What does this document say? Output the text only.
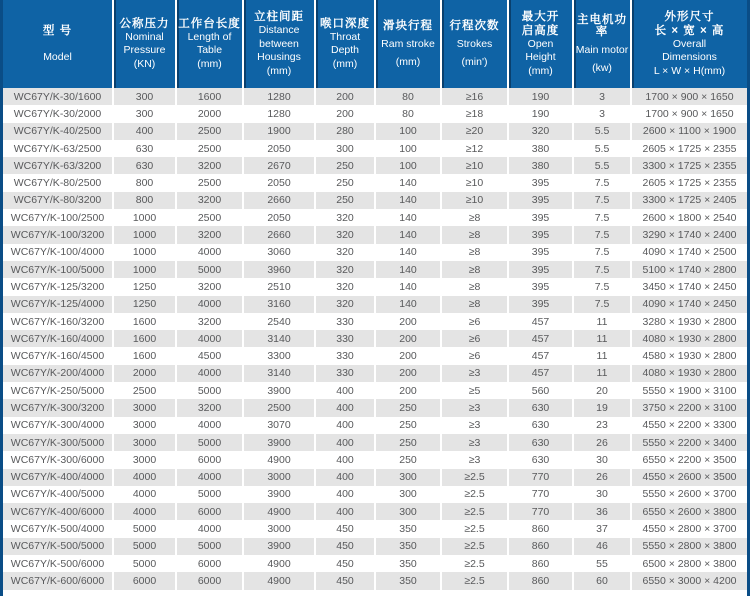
型 号
Model

公称压力
Nominal
Pressure
(KN)

工作台长度
Length of
Table
(mm)

立柱间距
Distance
between
Housings
(mm)

喉口深度
Throat
Depth
(mm)

滑块行程
Ram stroke
(mm)

行程次数
Strokes
(min')

最大开
启高度
Open
Height
(mm)

主电机功率
Main motor
(kw)

外形尺寸
长 × 宽 × 高
Overall
Dimensions
L × W × H(mm)

WC67Y/K-30/1600	300	1600	1280	200	80	≥16	190	3	1700 × 900 × 1650
WC67Y/K-30/2000	300	2000	1280	200	80	≥18	190	3	1700 × 900 × 1650
WC67Y/K-40/2500	400	2500	1900	280	100	≥20	320	5.5	2600 × 1100 × 1900
WC67Y/K-63/2500	630	2500	2050	300	100	≥12	380	5.5	2605 × 1725 × 2355
WC67Y/K-63/3200	630	3200	2670	250	100	≥10	380	5.5	3300 × 1725 × 2355
WC67Y/K-80/2500	800	2500	2050	250	140	≥10	395	7.5	2605 × 1725 × 2355
WC67Y/K-80/3200	800	3200	2660	250	140	≥10	395	7.5	3300 × 1725 × 2405
WC67Y/K-100/2500	1000	2500	2050	320	140	≥8	395	7.5	2600 × 1800 × 2540
WC67Y/K-100/3200	1000	3200	2660	320	140	≥8	395	7.5	3290 × 1740 × 2400
WC67Y/K-100/4000	1000	4000	3060	320	140	≥8	395	7.5	4090 × 1740 × 2500
WC67Y/K-100/5000	1000	5000	3960	320	140	≥8	395	7.5	5100 × 1740 × 2800
WC67Y/K-125/3200	1250	3200	2510	320	140	≥8	395	7.5	3450 × 1740 × 2450
WC67Y/K-125/4000	1250	4000	3160	320	140	≥8	395	7.5	4090 × 1740 × 2450
WC67Y/K-160/3200	1600	3200	2540	330	200	≥6	457	11	3280 × 1930 × 2800
WC67Y/K-160/4000	1600	4000	3140	330	200	≥6	457	11	4080 × 1930 × 2800
WC67Y/K-160/4500	1600	4500	3300	330	200	≥6	457	11	4580 × 1930 × 2800
WC67Y/K-200/4000	2000	4000	3140	330	200	≥3	457	11	4080 × 1930 × 2800
WC67Y/K-250/5000	2500	5000	3900	400	200	≥5	560	20	5550 × 1900 × 3100
WC67Y/K-300/3200	3000	3200	2500	400	250	≥3	630	19	3750 × 2200 × 3100
WC67Y/K-300/4000	3000	4000	3070	400	250	≥3	630	23	4550 × 2200 × 3300
WC67Y/K-300/5000	3000	5000	3900	400	250	≥3	630	26	5550 × 2200 × 3400
WC67Y/K-300/6000	3000	6000	4900	400	250	≥3	630	30	6550 × 2200 × 3500
WC67Y/K-400/4000	4000	4000	3000	400	300	≥2.5	770	26	4550 × 2600 × 3500
WC67Y/K-400/5000	4000	5000	3900	400	300	≥2.5	770	30	5550 × 2600 × 3700
WC67Y/K-400/6000	4000	6000	4900	400	300	≥2.5	770	36	6550 × 2600 × 3800
WC67Y/K-500/4000	5000	4000	3000	450	350	≥2.5	860	37	4550 × 2800 × 3700
WC67Y/K-500/5000	5000	5000	3900	450	350	≥2.5	860	46	5550 × 2800 × 3800
WC67Y/K-500/6000	5000	6000	4900	450	350	≥2.5	860	55	6500 × 2800 × 3800
WC67Y/K-600/6000	6000	6000	4900	450	350	≥2.5	860	60	6550 × 3000 × 4200
